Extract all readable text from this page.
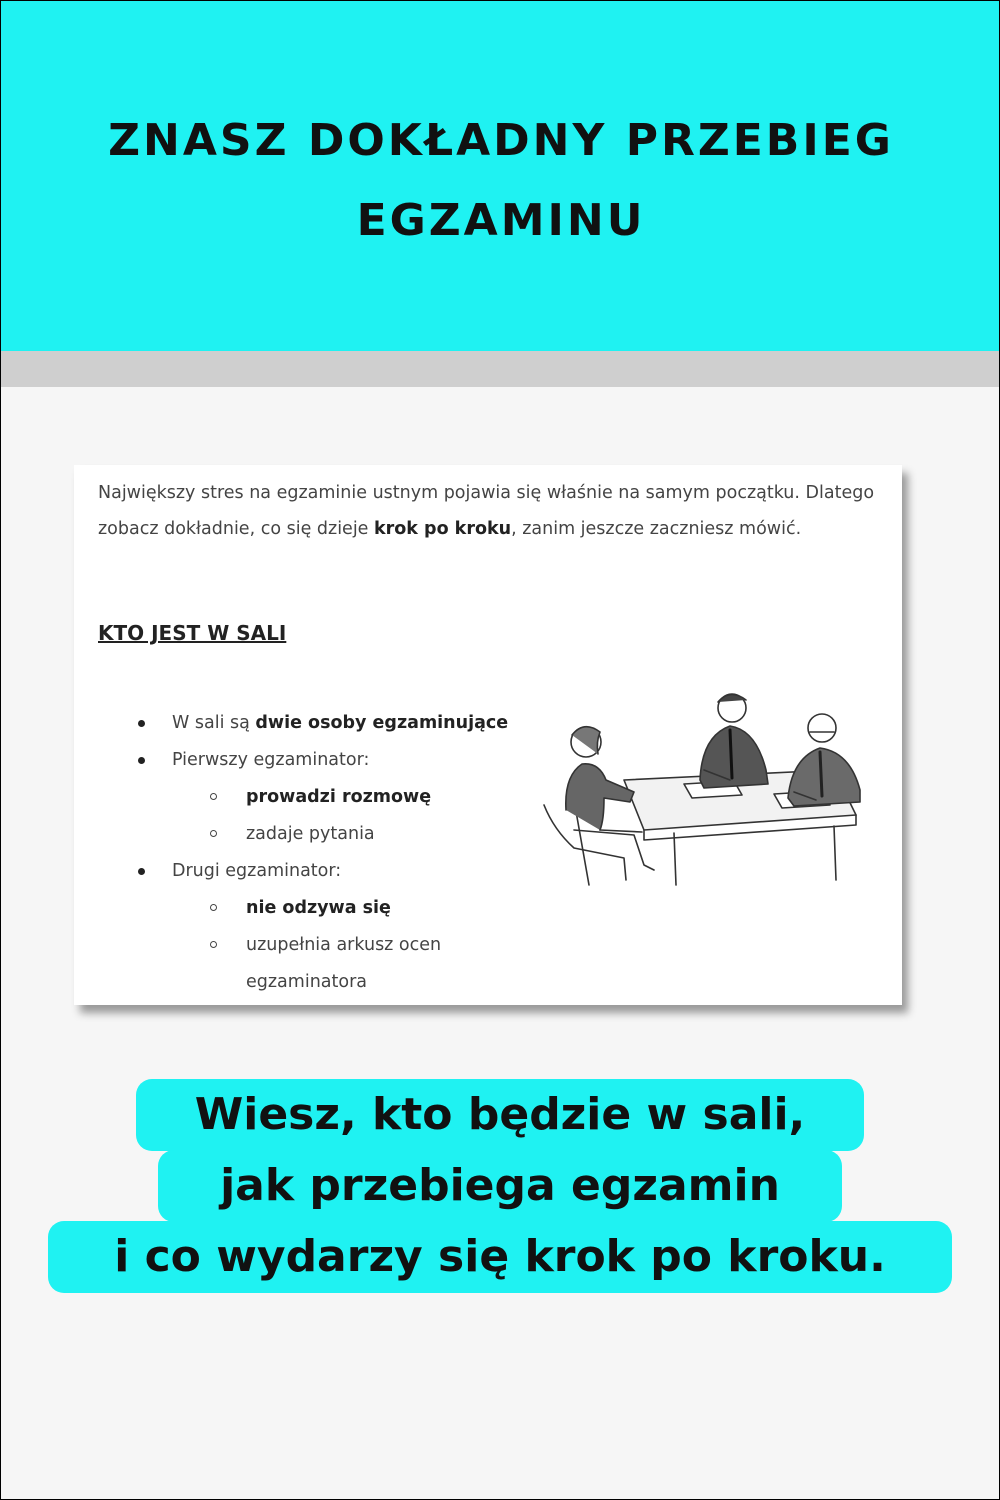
ZNASZ DOKŁADNY PRZEBIEG
EGZAMINU

Największy stres na egzaminie ustnym pojawia się właśnie na samym początku. Dlatego zobacz dokładnie, co się dzieje krok po kroku, zanim jeszcze zaczniesz mówić.

KTO JEST W SALI
W sali są dwie osoby egzaminujące
Pierwszy egzaminator:
prowadzi rozmowę
zadaje pytania
Drugi egzaminator:
nie odzywa się
uzupełnia arkusz ocen egzaminatora
Wiesz, kto będzie w sali,
jak przebiega egzamin
i co wydarzy się krok po kroku.
